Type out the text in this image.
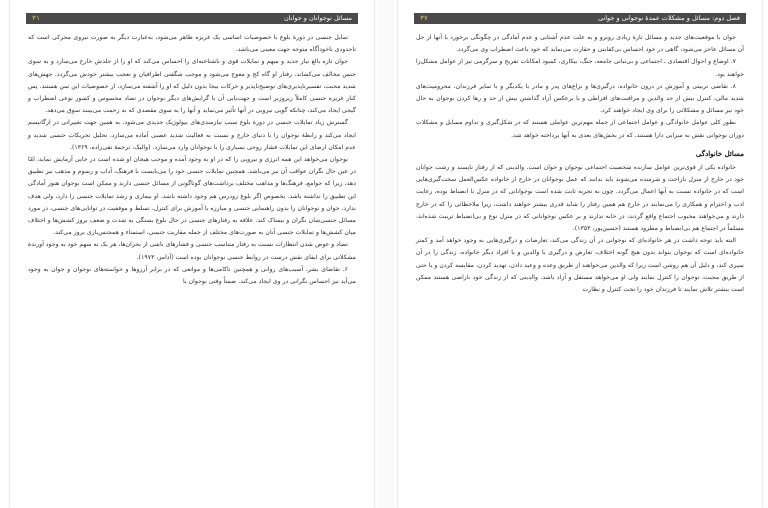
مسائل نوجوانان و جوانان
۳۱

تمایل جنسی در دورهٔ بلوغ با خصوصیات اساسی یک غریزه ظاهر می‌شود، به‌عبارت دیگر به صورت نیروی محرکی است که تاحدودی ناخودآگاه متوجه جهت معینی می‌باشد.

جوان تازه بالغ نیاز جدید و مبهم و تمایلات قوی و ناشناخته‌ای را احساس می‌کند که او را از جلدش خارج می‌سازد و به سوی جنس مخالف می‌کشاند. رفتار او گاه کج و معوج می‌شود و موجب شگفتی اطرافیان و تعجب بیشتر خودش می‌گردد. جهش‌های شدید محبت، تفسیرناپذیری‌های توضیح‌ناپذیر و حرکات بیجا بدون دلیل که او را آشفته می‌سازد، از خصوصیات این سن هستند. پس کنار غریزه جنسی کاملاً زیروزبر است و جهت‌یابی آن با گرایش‌های دیگر نوجوان در تضاد محسوس و کشور نوعی اضطراب و گیجی ایجاد می‌کند، چنانکه گویی نیرویی در آنها تأثیر می‌نماید و آنها را به سوی مقصدی که به زحمت می‌بینند سوق می‌دهد.

گسترش زیاد تمایلات جنسی در دورهٔ بلوغ سبب نیازمندی‌های بیولوژیک جدیدی می‌شود. به همین جهت تغییراتی در ارگانیسم ایجاد می‌کند و رابطهٔ نوجوان را با دنیای خارج و نسبت به فعالیت شدید عصبی آماده می‌سازد. تحلیل تحریکات جنسی شدید و عدم امکان ارضای این تمایلات فشار روحی بسیاری را با نوجوانان وارد می‌سازد. (والیک، ترجمهٔ تقی‌زاده، ۱۳۶۹).

نوجوان می‌خواهد این همه انرژی و نیرویی را که در او به وجود آمده و موجب هیجان او شده است در جایی آزمایش نماید، امّا در عین حال نگران عواقب آن نیز می‌باشد. همچنین تمایلات جنسی خود را می‌بایست با فرهنگ، آداب و رسوم و مذهب نیز تطبیق دهد، زیرا که جوامع، فرهنگ‌ها و مذاهب مختلف برداشت‌های گوناگونی از مسائل جنسی دارند و ممکن است نوجوان هنوز آمادگی این تطبیق را نداشته باشد. بخصوص اگر بلوغ زودرس هم وجود داشته باشد، او بیماری و رشد تمایلات جنسی را دارد، ولی هدف ندارد. جوان و نوجوانان را بدون راهنمایی جنسی و مبارزه با آموزش برای کنترل، تسلط و موفقیت در توانایی‌های جنسی، در مورد مسائل جنسی‌شان نگران و بیمناک کند. علاقه به رفتارهای جنسی در حال بلوغ بستگی به شدت و ضعف بروز کشش‌ها و اختلاف میان کشش‌ها و تمایلات جنسی آنان به صورت‌های مختلف از جمله مقاربت جنسی، استمناء و همجنس‌بازی بروز می‌کند.

تضاد و عوض شدن انتظارات نسبت به رفتار متناسب جنسی و فشارهای ناشی از بحران‌ها، هر یک به سهم خود به وجود آورندهٔ مشکلاتی برای ایفای نقش درست در روابط جنسی نوجوانان بوده است (آدامز، ۱۹۷۳).

۶. تقاضای بشر، آسیب‌های روانی و همچنین ناکامی‌ها و موانعی که در برابر آرزوها و خواسته‌های نوجوان و جوان به وجود می‌آید نیز احساس نگرانی در وی ایجاد می‌کند. ضمناً وقتی نوجوان یا

فصل دوم: مسائل و مشکلات عمدهٔ نوجوانی و جوانی
۳۷

جوان با موقعیت‌های جدید و مسائل تازهٔ زیادی روبرو و به علت عدم آشنایی و عدم آمادگی در چگونگی برخورد با آنها از حل آن مسائل عاجز می‌شود، گاهی در خود احساس بی‌کفایتی و حقارت می‌نماید که خود باعث اضطراب وی می‌گردد.

۷. اوضاع و احوال اقتصادی ـ اجتماعی و بی‌ثباتی جامعه، جنگ، بیکاری، کمبود امکانات تفریح و سرگرمی نیز از عوامل مشکل‌زا خواهند بود.

۸. تقاضی تربیتی و آموزش در درون خانواده، درگیری‌ها و نزاع‌های پدر و مادر با یکدیگر و با سایر فرزندان، محرومیت‌های شدید مالی، کنترل بیش از حد والدین و مراقبت‌های افراطی و یا برعکس آزاد گذاشتن بیش از حد و رها کردن نوجوان به حال خود نیز مسائل و مشکلاتی را برای وی ایجاد خواهند کرد.

بطور کلی عوامل خانوادگی و عوامل اجتماعی از جمله مهم‌ترین عواملی هستند که در شکل‌گیری و تداوم مسایل و مشکلات دوران نوجوانی نقش به سزایی دارا هستند. که در بخش‌های بعدی به آنها پرداخته خواهد شد.

مسائل خانوادگی

خانواده یکی از قوی‌ترین عوامل سازنده شخصیت اجتماعی نوجوان و جوان است. والدینی که از رفتار ناپسند و زشت جوانان خود در خارج از منزل ناراحت و شرمنده می‌شوند باید بدانند که عمل نوجوانان در خارج از خانواده عکس‌العمل سخت‌گیری‌هایی است که در خانواده نسبت به آنها اعمال می‌گردد. چون به تجربه ثابت شده است نوجوانانی که در منزل با انضباط بوده، رعایت ادب و احترام و همکاری را می‌نمایند در خارج هم همین رفتار را شاید قدری بیشتر خواهند داشت، زیرا ملاحظاتی را که در خارج دارند و می‌خواهند محبوب اجتماع واقع گردند، در خانه ندارند و بر عکس نوجوانانی که در منزل نوع و بی‌انضباط تربیت شده‌اند، مسلماً در اجتماع هم بی‌انضباط و مطرود هستند (حسین‌پور، ۱۳۵۳).

البته باید توجه داشت در هر خانواده‌ای که نوجوانی در آن زندگی می‌کند، تعارضات و درگیری‌هایی به وجود خواهد آمد و کمتر خانواده‌ای است که نوجوان بتواند بدون هیچ گونه اختلاف، تعارض و درگیری با والدین و یا افراد دیگر خانواده، زندگی را در آن سپری کند، و دلیل آن هم روشن است زیرا که والدین می‌خواهند از طریق وعده و وعید دادن، تهدید کردن، مقایسه کردن و یا حتی از طریق محبت، نوجوان را کنترل نمایند ولی او می‌خواهد مستقل و آزاد باشد. والدینی که از زندگی خود ناراضی هستند ممکن است بیشتر تلاش نمایند تا فرزندان خود را تحت کنترل و نظارت
